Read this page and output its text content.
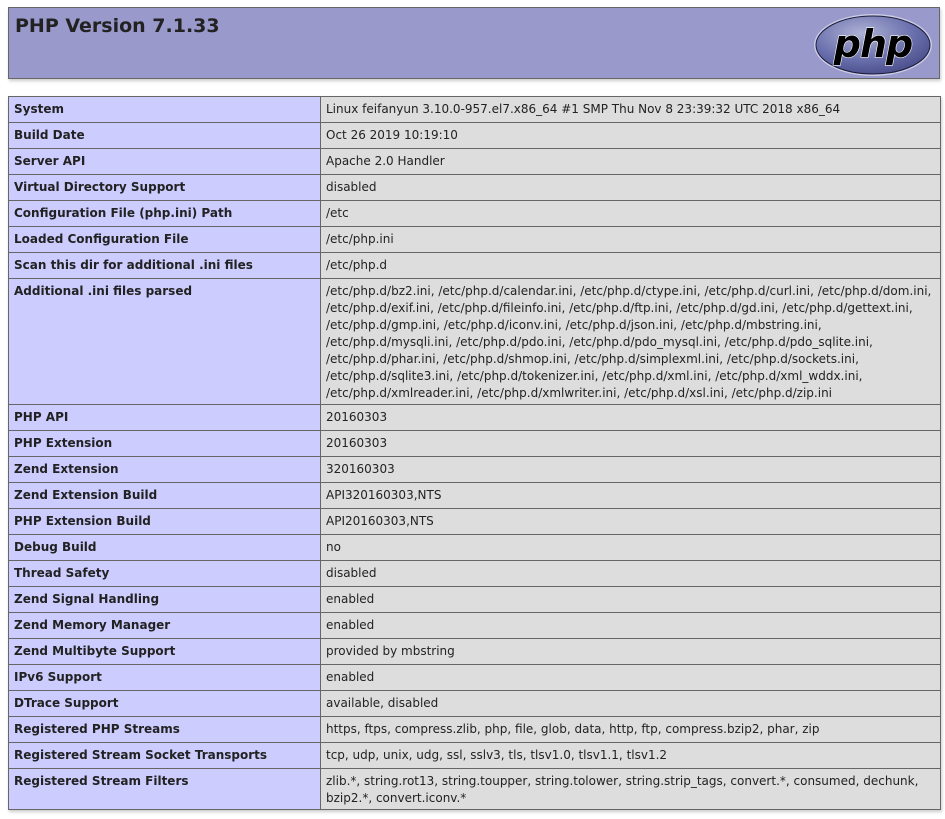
PHP Version 7.1.33	php
System	Linux feifanyun 3.10.0-957.el7.x86_64 #1 SMP Thu Nov 8 23:39:32 UTC 2018 x86_64
Build Date	Oct 26 2019 10:19:10
Server API	Apache 2.0 Handler
Virtual Directory Support	disabled
Configuration File (php.ini) Path	/etc
Loaded Configuration File	/etc/php.ini
Scan this dir for additional .ini files	/etc/php.d
Additional .ini files parsed	/etc/php.d/bz2.ini, /etc/php.d/calendar.ini, /etc/php.d/ctype.ini, /etc/php.d/curl.ini, /etc/php.d/dom.ini, /etc/php.d/exif.ini, /etc/php.d/fileinfo.ini, /etc/php.d/ftp.ini, /etc/php.d/gd.ini, /etc/php.d/gettext.ini, /etc/php.d/gmp.ini, /etc/php.d/iconv.ini, /etc/php.d/json.ini, /etc/php.d/mbstring.ini, /etc/php.d/mysqli.ini, /etc/php.d/pdo.ini, /etc/php.d/pdo_mysql.ini, /etc/php.d/pdo_sqlite.ini, /etc/php.d/phar.ini, /etc/php.d/shmop.ini, /etc/php.d/simplexml.ini, /etc/php.d/sockets.ini, /etc/php.d/sqlite3.ini, /etc/php.d/tokenizer.ini, /etc/php.d/xml.ini, /etc/php.d/xml_wddx.ini, /etc/php.d/xmlreader.ini, /etc/php.d/xmlwriter.ini, /etc/php.d/xsl.ini, /etc/php.d/zip.ini
PHP API	20160303
PHP Extension	20160303
Zend Extension	320160303
Zend Extension Build	API320160303,NTS
PHP Extension Build	API20160303,NTS
Debug Build	no
Thread Safety	disabled
Zend Signal Handling	enabled
Zend Memory Manager	enabled
Zend Multibyte Support	provided by mbstring
IPv6 Support	enabled
DTrace Support	available, disabled
Registered PHP Streams	https, ftps, compress.zlib, php, file, glob, data, http, ftp, compress.bzip2, phar, zip
Registered Stream Socket Transports	tcp, udp, unix, udg, ssl, sslv3, tls, tlsv1.0, tlsv1.1, tlsv1.2
Registered Stream Filters	zlib.*, string.rot13, string.toupper, string.tolower, string.strip_tags, convert.*, consumed, dechunk, bzip2.*, convert.iconv.*
